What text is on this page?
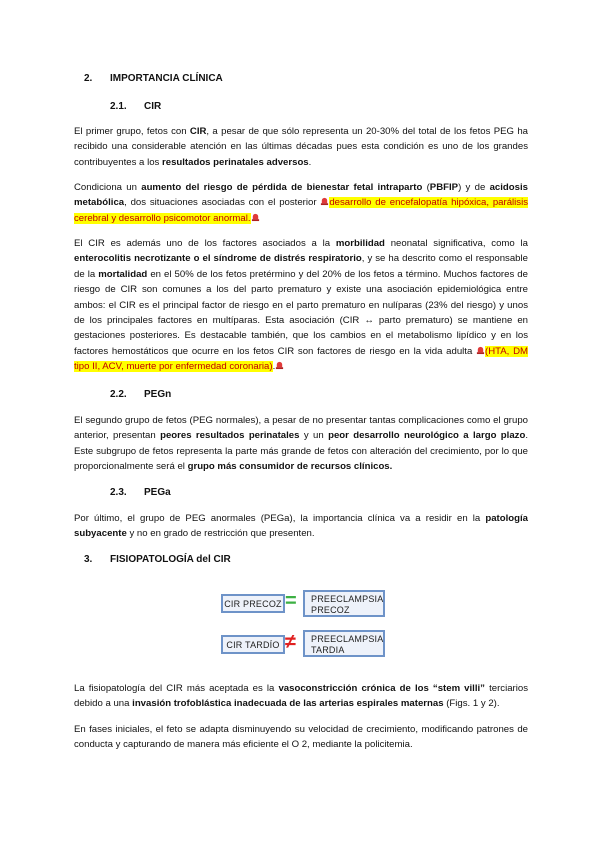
2. IMPORTANCIA CLÍNICA
2.1. CIR

El primer grupo, fetos con CIR, a pesar de que sólo representa un 20-30% del total de los fetos PEG ha recibido una considerable atención en las últimas décadas pues esta condición es uno de los grandes contribuyentes a los resultados perinatales adversos.

Condiciona un aumento del riesgo de pérdida de bienestar fetal intraparto (PBFIP) y de acidosis metabólica, dos situaciones asociadas con el posterior desarrollo de encefalopatía hipóxica, parálisis cerebral y desarrollo psicomotor anormal.

El CIR es además uno de los factores asociados a la morbilidad neonatal significativa, como la enterocolitis necrotizante o el síndrome de distrés respiratorio, y se ha descrito como el responsable de la mortalidad en el 50% de los fetos pretérmino y del 20% de los fetos a término. Muchos factores de riesgo de CIR son comunes a los del parto prematuro y existe una asociación epidemiológica entre ambos: el CIR es el principal factor de riesgo en el parto prematuro en nulíparas (23% del riesgo) y unos de los principales factores en multíparas. Esta asociación (CIR ↔ parto prematuro) se mantiene en gestaciones posteriores. Es destacable también, que los cambios en el metabolismo lipídico y en los factores hemostáticos que ocurre en los fetos CIR son factores de riesgo en la vida adulta (HTA, DM tipo II, ACV, muerte por enfermedad coronaria).

2.2. PEGn

El segundo grupo de fetos (PEG normales), a pesar de no presentar tantas complicaciones como el grupo anterior, presentan peores resultados perinatales y un peor desarrollo neurológico a largo plazo. Este subgrupo de fetos representa la parte más grande de fetos con alteración del crecimiento, por lo que proporcionalmente será el grupo más consumidor de recursos clínicos.

2.3. PEGa

Por último, el grupo de PEG anormales (PEGa), la importancia clínica va a residir en la patología subyacente y no en grado de restricción que presenten.

3. FISIOPATOLOGÍA del CIR
CIR PRECOZ = PREECLAMPSIA
PRECOZ
CIR TARDÍO ≠ PREECLAMPSIA
TARDIA

La fisiopatología del CIR más aceptada es la vasoconstricción crónica de los “stem villi” terciarios debido a una invasión trofoblástica inadecuada de las arterias espirales maternas (Figs. 1 y 2).

En fases iniciales, el feto se adapta disminuyendo su velocidad de crecimiento, modificando patrones de conducta y capturando de manera más eficiente el O 2, mediante la policitemia.
